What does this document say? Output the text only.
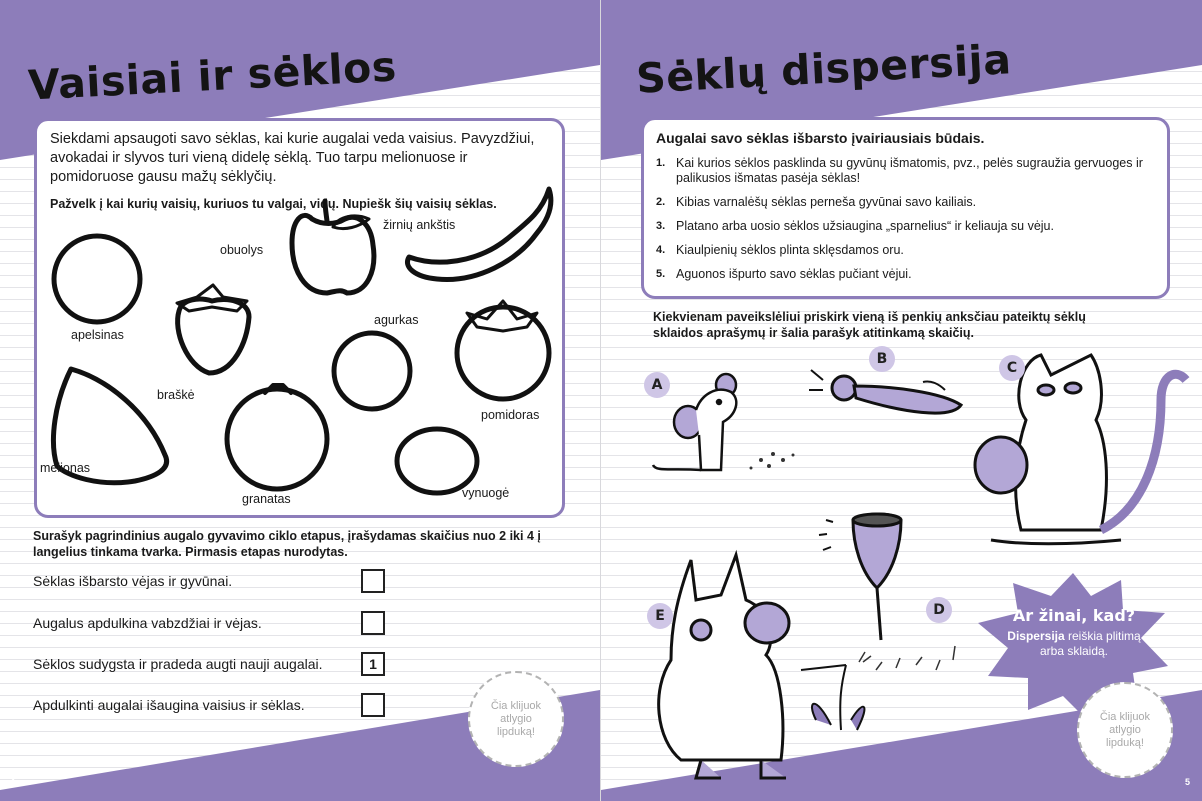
Vaisiai ir sėklos
Siekdami apsaugoti savo sėklas, kai kurie augalai veda vaisius. Pavyzdžiui, avokadai ir slyvos turi vieną didelę sėklą. Tuo tarpu melionuose ir pomidoruose gausu mažų sėklyčių.
Pažvelk į kai kurių vaisių, kuriuos tu valgai, vidų. Nupiešk šių vaisių sėklas.
obuolys
žirnių ankštis
apelsinas
agurkas
braškė
pomidoras
melionas
granatas	vynuogė
Surašyk pagrindinius augalo gyvavimo ciklo etapus, įrašydamas skaičius nuo 2 iki 4 į langelius tinkama tvarka. Pirmasis etapas nurodytas.
Sėklas išbarsto vėjas ir gyvūnai.
Augalus apdulkina vabzdžiai ir vėjas.
Sėklos sudygsta ir pradeda augti nauji augalai.	1
Apdulkinti augalai išaugina vaisius ir sėklas.	Čia klijuok atlygio lipduką!
4
Sėklų dispersija
Augalai savo sėklas išbarsto įvairiausiais būdais.
1. Kai kurios sėklos pasklinda su gyvūnų išmatomis, pvz., pelės sugraužia gervuoges ir palikusios išmatas pasėja sėklas!
2. Kibias varnalėšų sėklas perneša gyvūnai savo kailiais.
3. Platano arba uosio sėklos užsiaugina „sparnelius“ ir keliauja su vėju.
4. Kiaulpienių sėklos plinta sklęsdamos oru.
5. Aguonos išpurto savo sėklas pučiant vėjui.
Kiekvienam paveikslėliui priskirk vieną iš penkių anksčiau pateiktų sėklų sklaidos aprašymų ir šalia parašyk atitinkamą skaičių.
A
B
C
D
E	Ar žinai, kad?
Dispersija reiškia plitimą arba sklaidą.
Čia klijuok atlygio lipduką!
5
